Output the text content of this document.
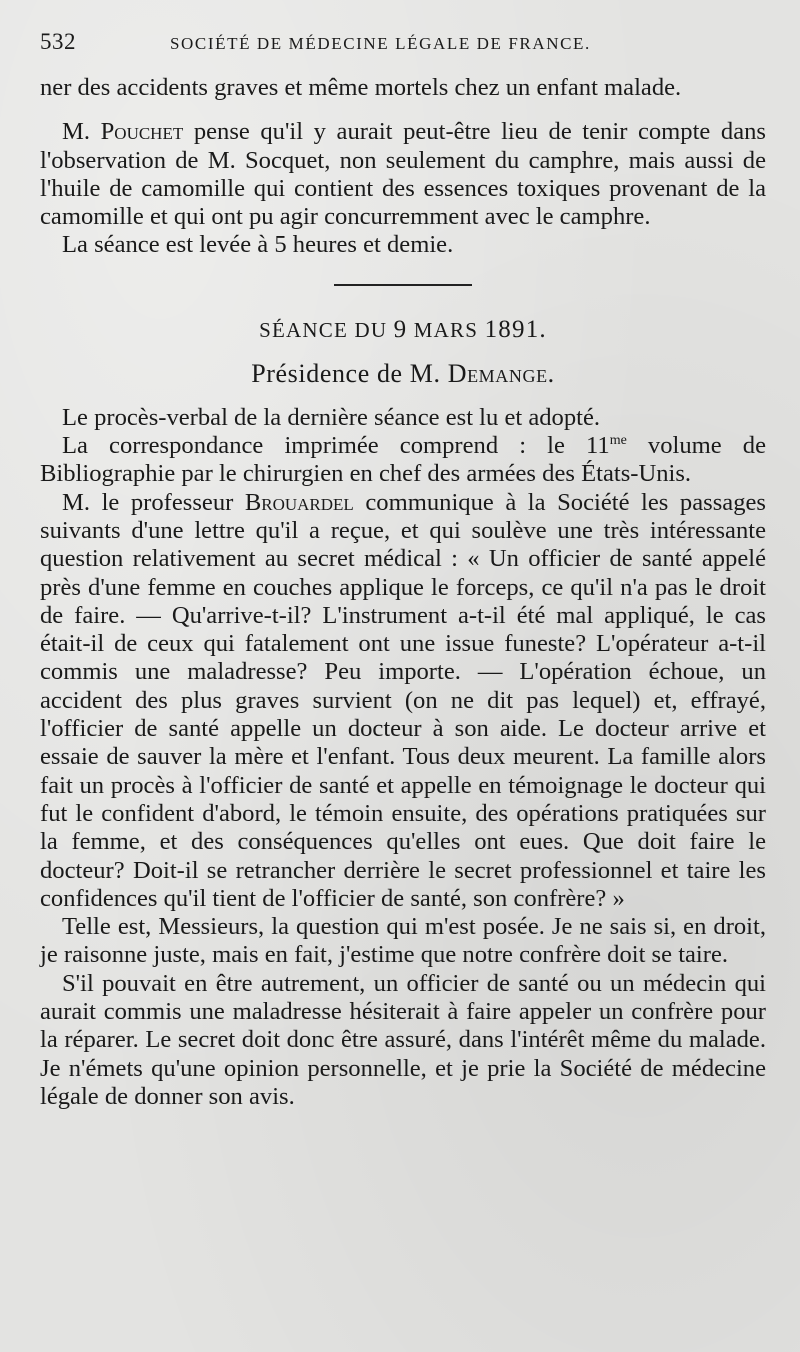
532	SOCIÉTÉ DE MÉDECINE LÉGALE DE FRANCE.

ner des accidents graves et même mortels chez un enfant malade.

M. Pouchet pense qu'il y aurait peut-être lieu de tenir compte dans l'observation de M. Socquet, non seulement du camphre, mais aussi de l'huile de camomille qui contient des essences toxiques provenant de la camomille et qui ont pu agir concurremment avec le camphre.

La séance est levée à 5 heures et demie.

SÉANCE DU 9 MARS 1891.

Présidence de M. Demange.

Le procès-verbal de la dernière séance est lu et adopté.

La correspondance imprimée comprend : le $11^{me}$ volume de Bibliographie par le chirurgien en chef des armées des États-Unis.

M. le professeur Brouardel communique à la Société les passages suivants d'une lettre qu'il a reçue, et qui soulève une très intéressante question relativement au secret médical : « Un officier de santé appelé près d'une femme en couches applique le forceps, ce qu'il n'a pas le droit de faire. — Qu'arrive-t-il? L'instrument a-t-il été mal appliqué, le cas était-il de ceux qui fatalement ont une issue funeste? L'opérateur a-t-il commis une maladresse? Peu importe. — L'opération échoue, un accident des plus graves survient (on ne dit pas lequel) et, effrayé, l'officier de santé appelle un docteur à son aide. Le docteur arrive et essaie de sauver la mère et l'enfant. Tous deux meurent. La famille alors fait un procès à l'officier de santé et appelle en témoignage le docteur qui fut le confident d'abord, le témoin ensuite, des opérations pratiquées sur la femme, et des conséquences qu'elles ont eues. Que doit faire le docteur? Doit-il se retrancher derrière le secret professionnel et taire les confidences qu'il tient de l'officier de santé, son confrère? »

Telle est, Messieurs, la question qui m'est posée. Je ne sais si, en droit, je raisonne juste, mais en fait, j'estime que notre confrère doit se taire.

S'il pouvait en être autrement, un officier de santé ou un médecin qui aurait commis une maladresse hésiterait à faire appeler un confrère pour la réparer. Le secret doit donc être assuré, dans l'intérêt même du malade. Je n'émets qu'une opinion personnelle, et je prie la Société de médecine légale de donner son avis.
